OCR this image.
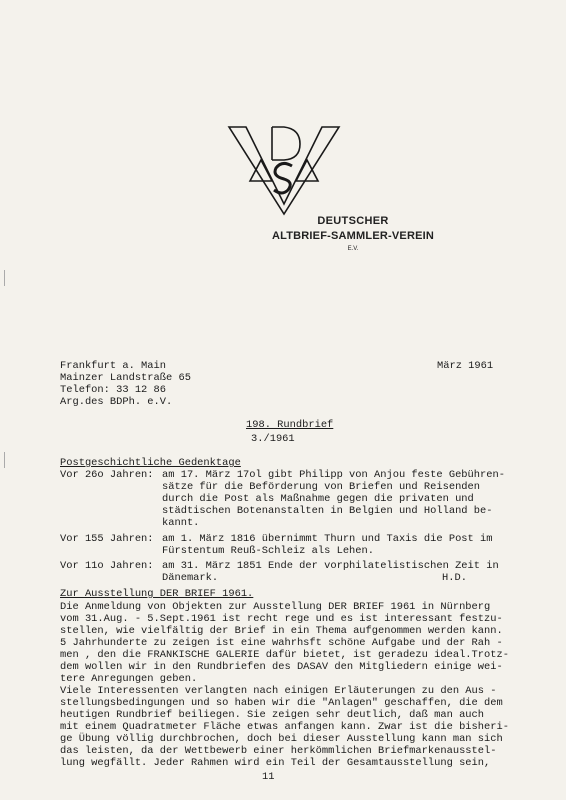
DEUTSCHER
ALTBRIEF-SAMMLER-VEREIN
E.V.
Frankfurt a. Main
Mainzer Landstraße 65
Telefon: 33 12 86
Arg.des BDPh. e.V.
März 1961
198. Rundbrief
3./1961
Postgeschichtliche Gedenktage
Vor 26o Jahren: am 17. März 17ol gibt Philipp von Anjou feste Gebühren-
sätze für die Beförderung von Briefen und Reisenden
durch die Post als Maßnahme gegen die privaten und
städtischen Botenanstalten in Belgien und Holland be-
kannt.
Vor 155 Jahren: am 1. März 1816 übernimmt Thurn und Taxis die Post im
Fürstentum Reuß-Schleiz als Lehen.
Vor 11o Jahren: am 31. März 1851 Ende der vorphilatelistischen Zeit in
Dänemark.	H.D.
Zur Ausstellung DER BRIEF 1961.
Die Anmeldung von Objekten zur Ausstellung DER BRIEF 1961 in Nürnberg
vom 31.Aug. - 5.Sept.1961 ist recht rege und es ist interessant festzu-
stellen, wie vielfältig der Brief in ein Thema aufgenommen werden kann.
5 Jahrhunderte zu zeigen ist eine wahrhsft schöne Aufgabe und der Rah -
men , den die FRANKISCHE GALERIE dafür bietet, ist geradezu ideal.Trotz-
dem wollen wir in den Rundbriefen des DASAV den Mitgliedern einige wei-
tere Anregungen geben.
Viele Interessenten verlangten nach einigen Erläuterungen zu den Aus -
stellungsbedingungen und so haben wir die "Anlagen" geschaffen, die dem
heutigen Rundbrief beiliegen. Sie zeigen sehr deutlich, daß man auch
mit einem Quadratmeter Fläche etwas anfangen kann. Zwar ist die bisheri-
ge Übung völlig durchbrochen, doch bei dieser Ausstellung kann man sich
das leisten, da der Wettbewerb einer herkömmlichen Briefmarkenausstel-
lung wegfällt. Jeder Rahmen wird ein Teil der Gesamtausstellung sein,
11
